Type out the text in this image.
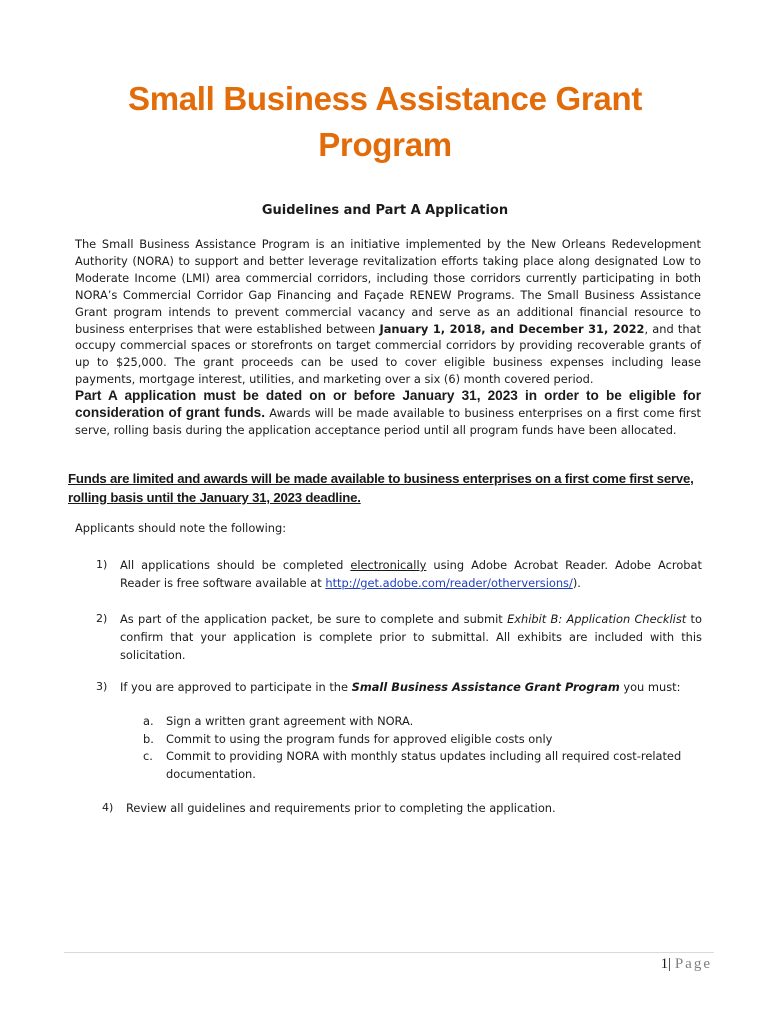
Small Business Assistance Grant
Program
Guidelines and Part A Application
The Small Business Assistance Program is an initiative implemented by the New Orleans Redevelopment Authority (NORA) to support and better leverage revitalization efforts taking place along designated Low to Moderate Income (LMI) area commercial corridors, including those corridors currently participating in both NORA’s Commercial Corridor Gap Financing and Façade RENEW Programs. The Small Business Assistance Grant program intends to prevent commercial vacancy and serve as an additional financial resource to business enterprises that were established between January 1, 2018, and December 31, 2022, and that occupy commercial spaces or storefronts on target commercial corridors by providing recoverable grants of up to $25,000. The grant proceeds can be used to cover eligible business expenses including lease payments, mortgage interest, utilities, and marketing over a six (6) month covered period.
Part A application must be dated on or before January 31, 2023 in order to be eligible for consideration of grant funds. Awards will be made available to business enterprises on a first come first serve, rolling basis during the application acceptance period until all program funds have been allocated.
Funds are limited and awards will be made available to business enterprises on a first come first serve, rolling basis until the January 31, 2023 deadline.
Applicants should note the following:
1) All applications should be completed electronically using Adobe Acrobat Reader. Adobe Acrobat Reader is free software available at http://get.adobe.com/reader/otherversions/).
2) As part of the application packet, be sure to complete and submit Exhibit B: Application Checklist to confirm that your application is complete prior to submittal. All exhibits are included with this solicitation.
3) If you are approved to participate in the Small Business Assistance Grant Program you must:
a. Sign a written grant agreement with NORA.
b. Commit to using the program funds for approved eligible costs only
c. Commit to providing NORA with monthly status updates including all required cost-related documentation.
4) Review all guidelines and requirements prior to completing the application.
1| Page
